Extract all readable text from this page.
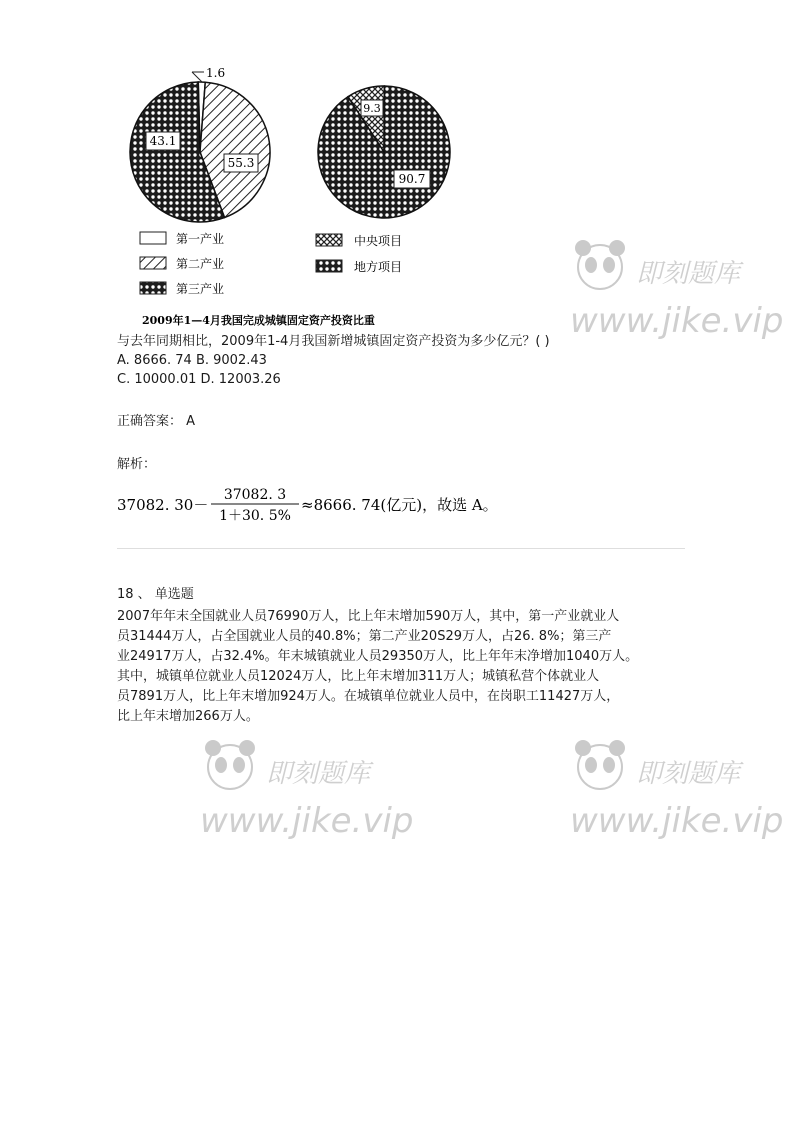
1.6
43.1
55.3
9.3
90.7
第一产业
第二产业
第三产业
中央项目
地方项目
2009年1—4月我国完成城镇固定资产投资比重
与去年同期相比，2009年1-4月我国新增城镇固定资产投资为多少亿元？( )
A. 8666. 74 B. 9002.43
C. 10000.01 D. 12003.26
正确答案： A
解析：
37082. 30－
37082. 3
1＋30. 5%
≈8666. 74(亿元)，故选 A。
18 、 单选题
2007年年末全国就业人员76990万人，比上年末增加590万人，其中，第一产业就业人
员31444万人，占全国就业人员的40.8%；第二产业20S29万人，占26. 8%；第三产
业24917万人，占32.4%。年末城镇就业人员29350万人，比上年年末净增加1040万人。
其中，城镇单位就业人员12024万人，比上年末增加311万人；城镇私营个体就业人
员7891万人，比上年末增加924万人。在城镇单位就业人员中，在岗职工11427万人，
比上年末增加266万人。
即刻题库
www.jike.vip
即刻题库
www.jike.vip
即刻题库
www.jike.vip
